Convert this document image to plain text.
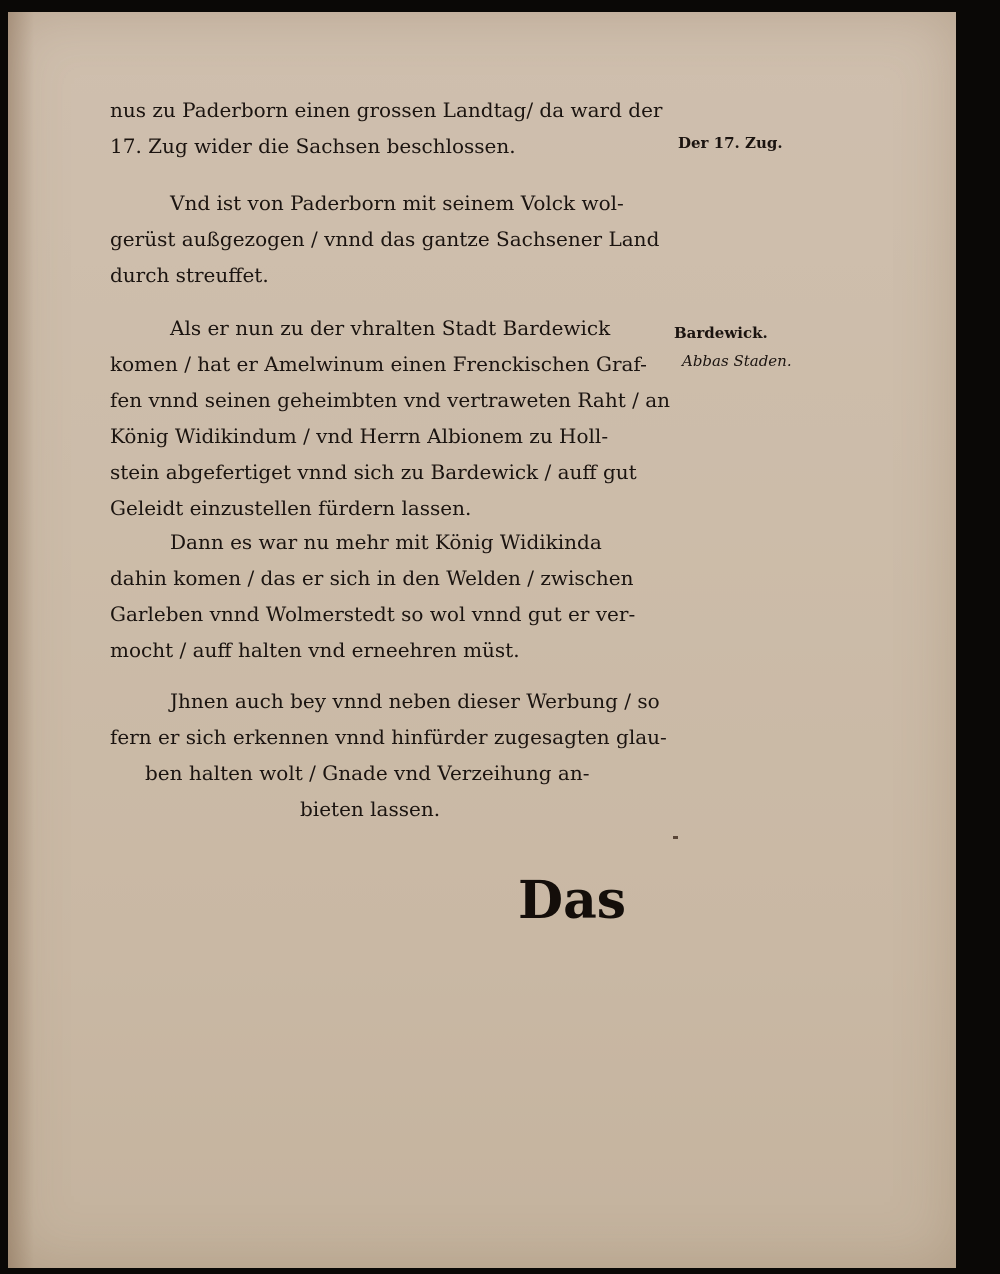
nus zu Paderborn einen grossen Landtag/ da ward der
17. Zug wider die Sachsen beschlossen.	Der 17. Zug.

Vnd ist von Paderborn mit seinem Volck wol-
gerüst außgezogen / vnnd das gantze Sachsener Land
durch streuffet.

Als er nun zu der vhralten Stadt Bardewick
komen / hat er Amelwinum einen Frenckischen Graf-
fen vnnd seinen geheimbten vnd vertraweten Raht / an
König Widikindum / vnd Herrn Albionem zu Holl-
stein abgefertiget vnnd sich zu Bardewick / auff gut
Geleidt einzustellen fürdern lassen.

Bardewick.
Abbas Staden.

Dann es war nu mehr mit König Widikinda
dahin komen / das er sich in den Welden / zwischen
Garleben vnnd Wolmerstedt so wol vnnd gut er ver-
mocht / auff halten vnd erneehren müst.

Jhnen auch bey vnnd neben dieser Werbung / so
fern er sich erkennen vnnd hinfürder zugesagten glau-
ben halten wolt / Gnade vnd Verzeihung an-
bieten lassen.

Das
